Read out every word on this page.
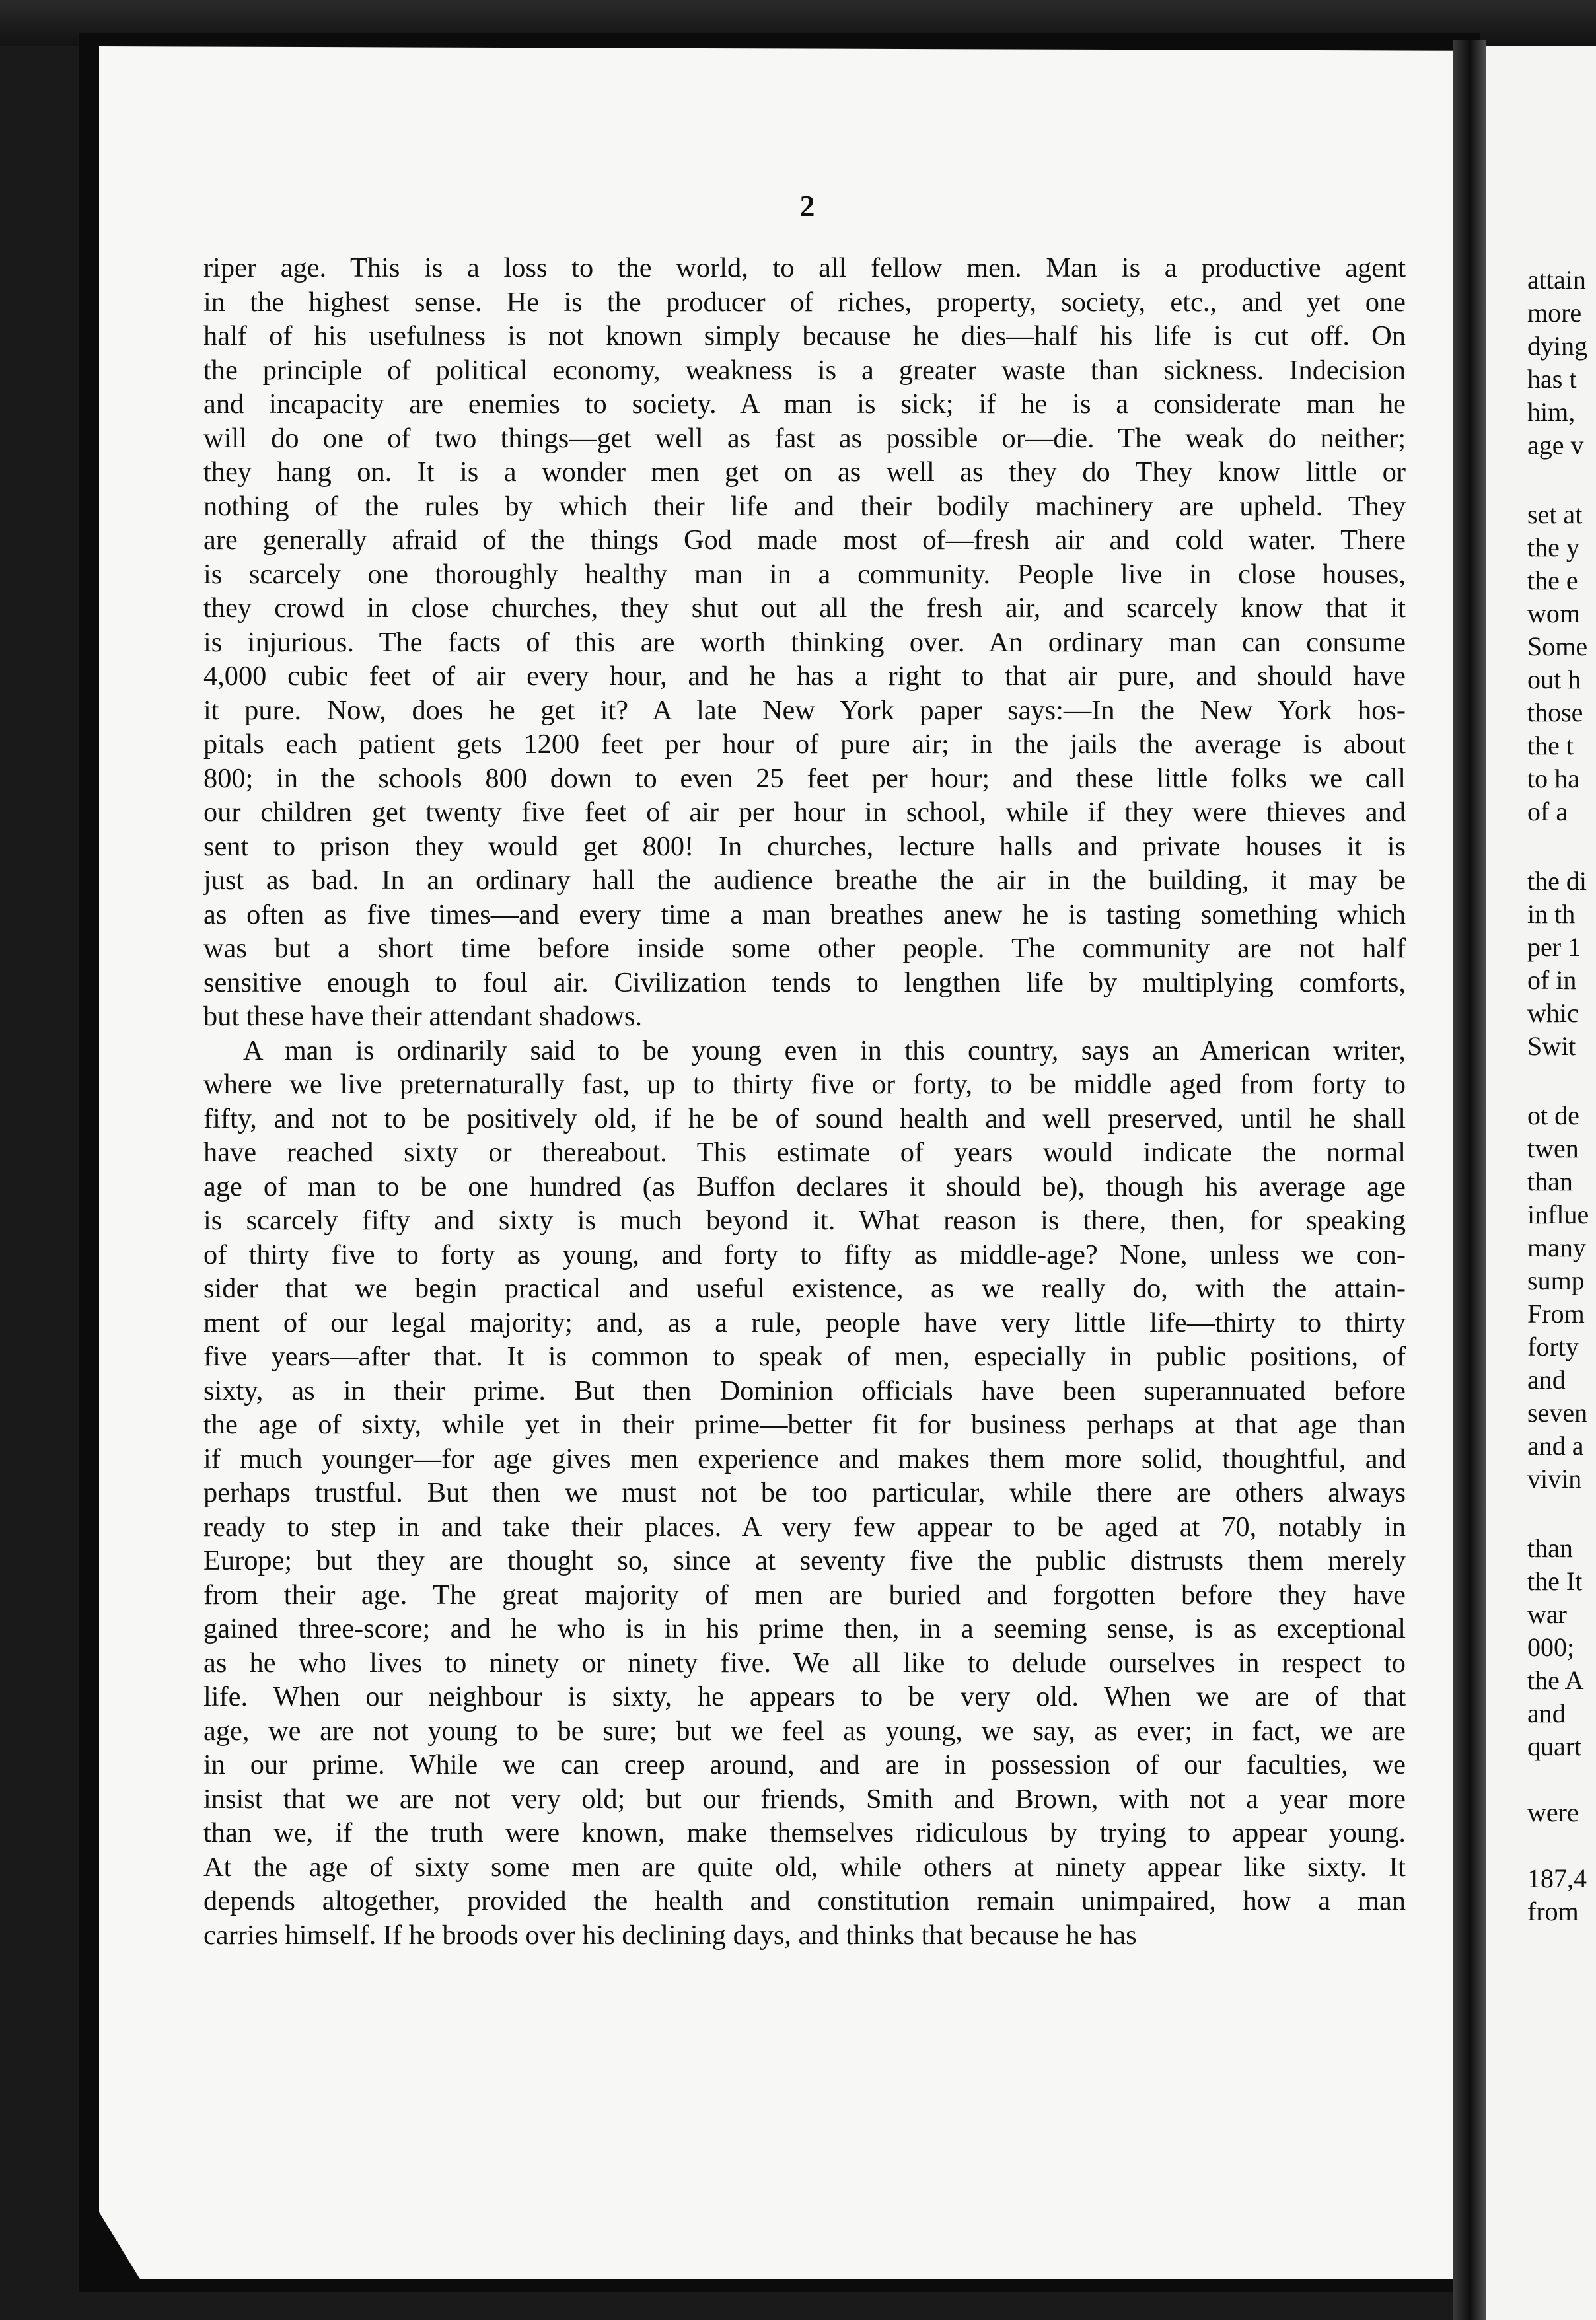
2
riper age. This is a loss to the world, to all fellow men. Man is a productive agent
in the highest sense. He is the producer of riches, property, society, etc., and yet one
half of his usefulness is not known simply because he dies—half his life is cut off. On
the principle of political economy, weakness is a greater waste than sickness. Indecision
and incapacity are enemies to society. A man is sick; if he is a considerate man he
will do one of two things—get well as fast as possible or—die. The weak do neither;
they hang on. It is a wonder men get on as well as they do They know little or
nothing of the rules by which their life and their bodily machinery are upheld. They
are generally afraid of the things God made most of—fresh air and cold water. There
is scarcely one thoroughly healthy man in a community. People live in close houses,
they crowd in close churches, they shut out all the fresh air, and scarcely know that it
is injurious. The facts of this are worth thinking over. An ordinary man can consume
4,000 cubic feet of air every hour, and he has a right to that air pure, and should have
it pure. Now, does he get it? A late New York paper says:—In the New York hos-
pitals each patient gets 1200 feet per hour of pure air; in the jails the average is about
800; in the schools 800 down to even 25 feet per hour; and these little folks we call
our children get twenty five feet of air per hour in school, while if they were thieves and
sent to prison they would get 800! In churches, lecture halls and private houses it is
just as bad. In an ordinary hall the audience breathe the air in the building, it may be
as often as five times—and every time a man breathes anew he is tasting something which
was but a short time before inside some other people. The community are not half
sensitive enough to foul air. Civilization tends to lengthen life by multiplying comforts,
but these have their attendant shadows.
A man is ordinarily said to be young even in this country, says an American writer,
where we live preternaturally fast, up to thirty five or forty, to be middle aged from forty to
fifty, and not to be positively old, if he be of sound health and well preserved, until he shall
have reached sixty or thereabout. This estimate of years would indicate the normal
age of man to be one hundred (as Buffon declares it should be), though his average age
is scarcely fifty and sixty is much beyond it. What reason is there, then, for speaking
of thirty five to forty as young, and forty to fifty as middle-age? None, unless we con-
sider that we begin practical and useful existence, as we really do, with the attain-
ment of our legal majority; and, as a rule, people have very little life—thirty to thirty
five years—after that. It is common to speak of men, especially in public positions, of
sixty, as in their prime. But then Dominion officials have been superannuated before
the age of sixty, while yet in their prime—better fit for business perhaps at that age than
if much younger—for age gives men experience and makes them more solid, thoughtful, and
perhaps trustful. But then we must not be too particular, while there are others always
ready to step in and take their places. A very few appear to be aged at 70, notably in
Europe; but they are thought so, since at seventy five the public distrusts them merely
from their age. The great majority of men are buried and forgotten before they have
gained three-score; and he who is in his prime then, in a seeming sense, is as exceptional
as he who lives to ninety or ninety five. We all like to delude ourselves in respect to
life. When our neighbour is sixty, he appears to be very old. When we are of that
age, we are not young to be sure; but we feel as young, we say, as ever; in fact, we are
in our prime. While we can creep around, and are in possession of our faculties, we
insist that we are not very old; but our friends, Smith and Brown, with not a year more
than we, if the truth were known, make themselves ridiculous by trying to appear young.
At the age of sixty some men are quite old, while others at ninety appear like sixty. It
depends altogether, provided the health and constitution remain unimpaired, how a man
carries himself. If he broods over his declining days, and thinks that because he has
attain
more
dying
has t
him,
age v
set at
the y
the e
wom
Some
out h
those
the t
to ha
of a
the di
in th
per 1
of in
whic
Swit
ot de
twen
than
influe
many
sump
From
forty
and
seven
and a
vivin
than
the It
war
000;
the A
and
quart
were
187,4
from
